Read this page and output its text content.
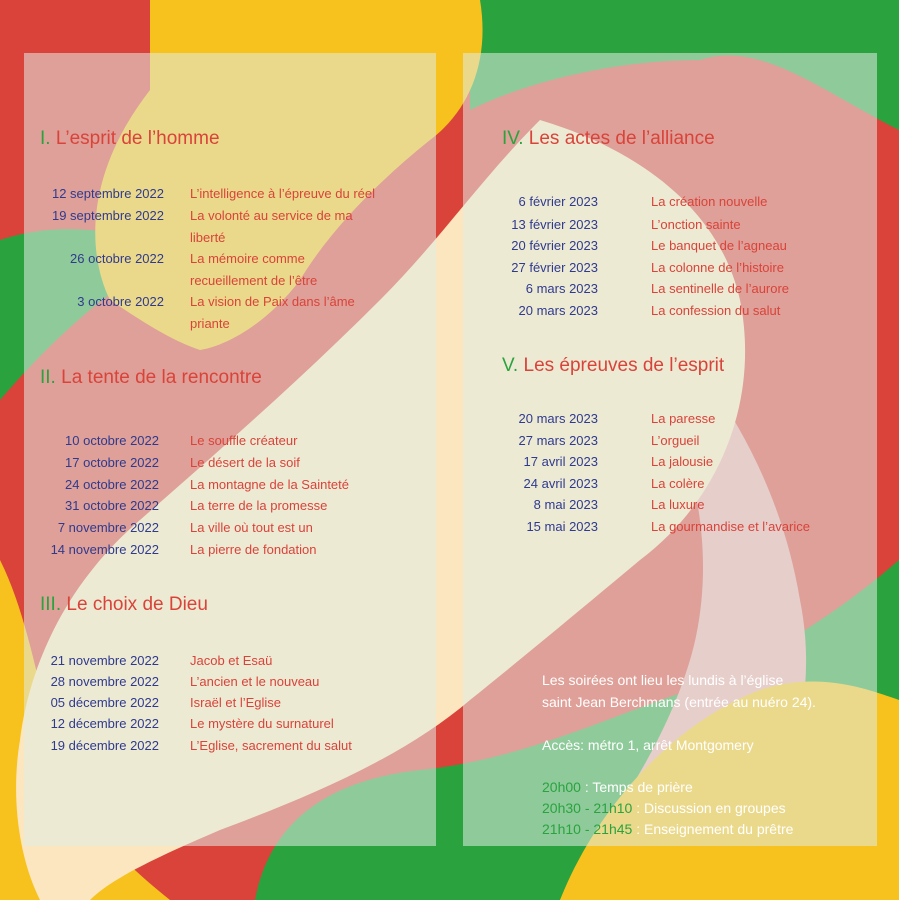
I. L’esprit de l’homme
12 septembre 2022 L’intelligence à l’épreuve du réel
19 septembre 2022 La volonté au service de ma liberté
26 octobre 2022 La mémoire comme recueillement de l’être
3 octobre 2022 La vision de Paix dans l’âme priante
II. La tente de la rencontre
10 octobre 2022 Le souffle créateur
17 octobre 2022 Le désert de la soif
24 octobre 2022 La montagne de la Sainteté
31 octobre 2022 La terre de la promesse
7 novembre 2022 La ville où tout est un
14 novembre 2022 La pierre de fondation
III. Le choix de Dieu
21 novembre 2022 Jacob et Esaü
28 novembre 2022 L’ancien et le nouveau
05 décembre 2022 Israël et l’Eglise
12 décembre 2022 Le mystère du surnaturel
19 décembre 2022 L’Eglise, sacrement du salut
IV. Les actes de l’alliance
6 février 2023	La création nouvelle
13 février 2023	L’onction sainte
20 février 2023	Le banquet de l’agneau
27 février 2023	La colonne de l’histoire
6 mars 2023	La sentinelle de l’aurore
20 mars 2023	La confession du salut
V. Les épreuves de l’esprit
20 mars 2023	La paresse
27 mars 2023	L’orgueil
17 avril 2023	La jalousie
24 avril 2023	La colère
8 mai 2023	La luxure
15 mai 2023	La gourmandise et l’avarice
Les soirées ont lieu les lundis à l’église
saint Jean Berchmans (entrée au nuéro 24).
Accès: métro 1, arrêt Montgomery
20h00 : Temps de prière
20h30 - 21h10 : Discussion en groupes
21h10 - 21h45 : Enseignement du prêtre
